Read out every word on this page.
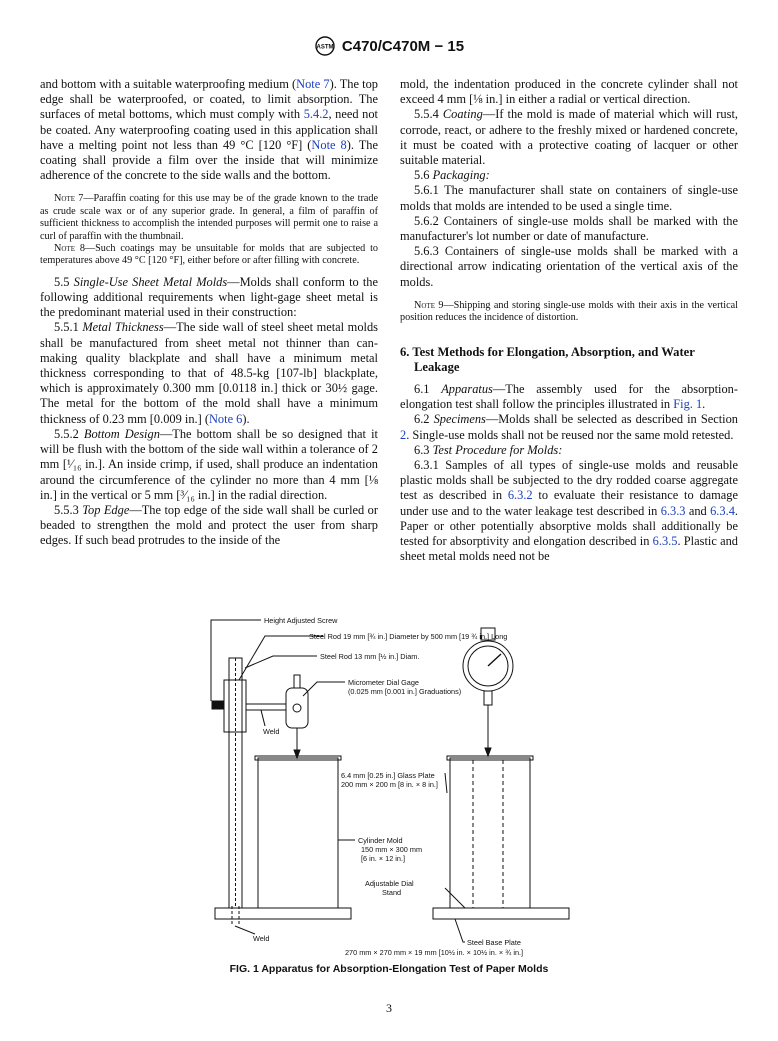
ASTM C470/C470M − 15

and bottom with a suitable waterproofing medium (Note 7). The top edge shall be waterproofed, or coated, to limit absorption. The surfaces of metal bottoms, which must comply with 5.4.2, need not be coated. Any waterproofing coating used in this application shall have a melting point not less than 49 °C [120 °F] (Note 8). The coating shall provide a film over the inside that will minimize adherence of the concrete to the side walls and the bottom.

Note 7—Paraffin coating for this use may be of the grade known to the trade as crude scale wax or of any superior grade. In general, a film of paraffin of sufficient thickness to accomplish the intended purposes will permit one to raise a curl of paraffin with the thumbnail.

Note 8—Such coatings may be unsuitable for molds that are subjected to temperatures above 49 °C [120 °F], either before or after filling with concrete.

5.5 Single-Use Sheet Metal Molds—Molds shall conform to the following additional requirements when light-gage sheet metal is the predominant material used in their construction:

5.5.1 Metal Thickness—The side wall of steel sheet metal molds shall be manufactured from sheet metal not thinner than can-making quality blackplate and shall have a minimum metal thickness corresponding to that of 48.5-kg [107-lb] blackplate, which is approximately 0.300 mm [0.0118 in.] thick or 30½ gage. The metal for the bottom of the mold shall have a minimum thickness of 0.23 mm [0.009 in.] (Note 6).

5.5.2 Bottom Design—The bottom shall be so designed that it will be flush with the bottom of the side wall within a tolerance of 2 mm [¹⁄₁₆ in.]. An inside crimp, if used, shall produce an indentation around the circumference of the cylinder no more than 4 mm [⅛ in.] in the vertical or 5 mm [³⁄₁₆ in.] in the radial direction.

5.5.3 Top Edge—The top edge of the side wall shall be curled or beaded to strengthen the mold and protect the user from sharp edges. If such bead protrudes to the inside of the

mold, the indentation produced in the concrete cylinder shall not exceed 4 mm [⅛ in.] in either a radial or vertical direction.

5.5.4 Coating—If the mold is made of material which will rust, corrode, react, or adhere to the freshly mixed or hardened concrete, it must be coated with a protective coating of lacquer or other suitable material.

5.6 Packaging:

5.6.1 The manufacturer shall state on containers of single-use molds that molds are intended to be used a single time.

5.6.2 Containers of single-use molds shall be marked with the manufacturer's lot number or date of manufacture.

5.6.3 Containers of single-use molds shall be marked with a directional arrow indicating orientation of the vertical axis of the molds.

Note 9—Shipping and storing single-use molds with their axis in the vertical position reduces the incidence of distortion.

6. Test Methods for Elongation, Absorption, and Water
Leakage

6.1 Apparatus—The assembly used for the absorption-elongation test shall follow the principles illustrated in Fig. 1.

6.2 Specimens—Molds shall be selected as described in Section 2. Single-use molds shall not be reused nor the same mold retested.

6.3 Test Procedure for Molds:

6.3.1 Samples of all types of single-use molds and reusable plastic molds shall be subjected to the dry rodded coarse aggregate test as described in 6.3.2 to evaluate their resistance to damage under use and to the water leakage test described in 6.3.3 and 6.3.4. Paper or other potentially absorptive molds shall additionally be tested for absorptivity and elongation described in 6.3.5. Plastic and sheet metal molds need not be

Height Adjusted Screw
Steel Rod 19 mm [¾ in.] Diameter by 500 mm [19 ¾ in.] Long
Steel Rod 13 mm [½ in.] Diam.
Micrometer Dial Gage
(0.025 mm [0.001 in.] Graduations)
Weld
6.4 mm [0.25 in.] Glass Plate
200 mm × 200 m [8 in. × 8 in.]
Cylinder Mold
150 mm × 300 mm
[6 in. × 12 in.]
Adjustable Dial
Stand
Weld	Steel Base Plate
270 mm × 270 mm × 19 mm [10½ in. × 10½ in. × ¾ in.]
FIG. 1 Apparatus for Absorption-Elongation Test of Paper Molds
3
